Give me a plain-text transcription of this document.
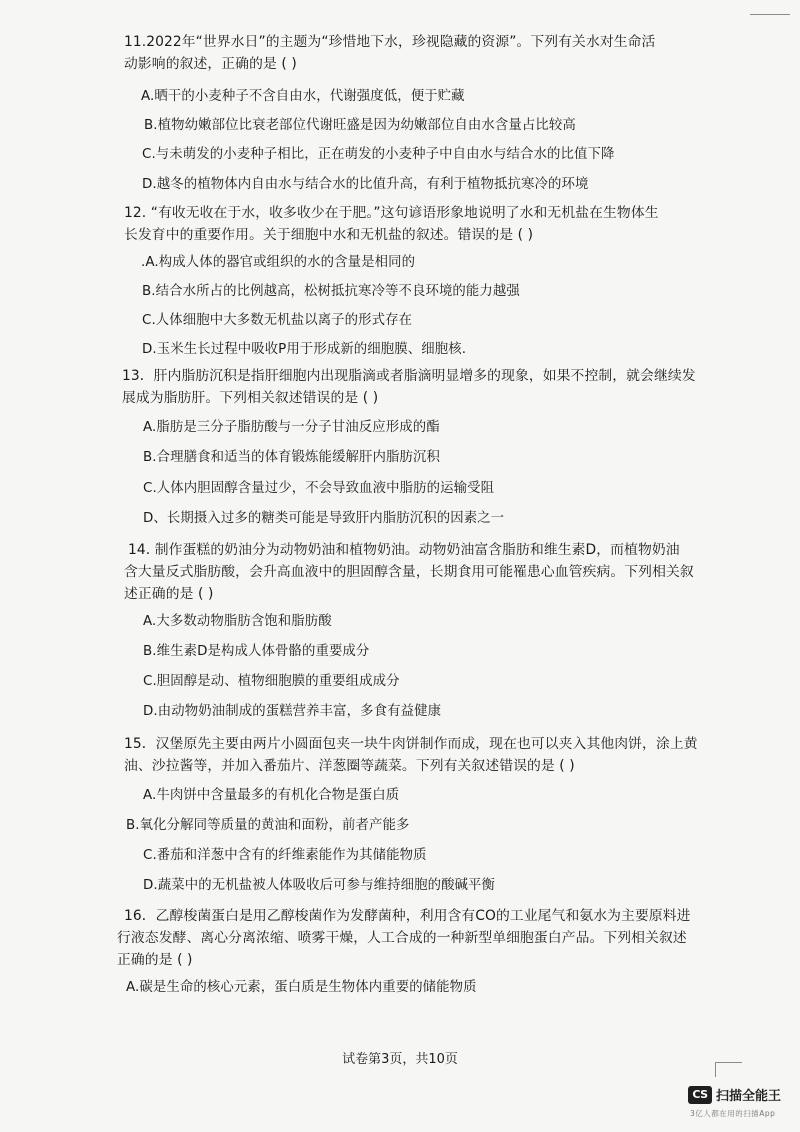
11.2022年“世界水日”的主题为“珍惜地下水，珍视隐藏的资源”。下列有关水对生命活
动影响的叙述，正确的是 ( )
A.晒干的小麦种子不含自由水，代谢强度低，便于贮藏
B.植物幼嫩部位比衰老部位代谢旺盛是因为幼嫩部位自由水含量占比较高
C.与未萌发的小麦种子相比，正在萌发的小麦种子中自由水与结合水的比值下降
D.越冬的植物体内自由水与结合水的比值升高，有利于植物抵抗寒冷的环境
12. “有收无收在于水，收多收少在于肥。”这句谚语形象地说明了水和无机盐在生物体生
长发育中的重要作用。关于细胞中水和无机盐的叙述。错误的是 ( )
.A.构成人体的器官或组织的水的含量是相同的
B.结合水所占的比例越高，松树抵抗寒冷等不良环境的能力越强
C.人体细胞中大多数无机盐以离子的形式存在
D.玉米生长过程中吸收P用于形成新的细胞膜、细胞核.
13．肝内脂肪沉积是指肝细胞内出现脂滴或者脂滴明显增多的现象，如果不控制，就会继续发
展成为脂肪肝。下列相关叙述错误的是 ( )
A.脂肪是三分子脂肪酸与一分子甘油反应形成的酯
B.合理膳食和适当的体育锻炼能缓解肝内脂肪沉积
C.人体内胆固醇含量过少，不会导致血液中脂肪的运输受阻
D、长期摄入过多的糖类可能是导致肝内脂肪沉积的因素之一
14. 制作蛋糕的奶油分为动物奶油和植物奶油。动物奶油富含脂肪和维生素D，而植物奶油
含大量反式脂肪酸，会升高血液中的胆固醇含量，长期食用可能罹患心血管疾病。下列相关叙
述正确的是 ( )
A.大多数动物脂肪含饱和脂肪酸
B.维生素D是构成人体骨骼的重要成分
C.胆固醇是动、植物细胞膜的重要组成成分
D.由动物奶油制成的蛋糕营养丰富，多食有益健康
15．汉堡原先主要由两片小圆面包夹一块牛肉饼制作而成，现在也可以夹入其他肉饼，涂上黄
油、沙拉酱等，并加入番茄片、洋葱圈等蔬菜。下列有关叙述错误的是 ( )
A.牛肉饼中含量最多的有机化合物是蛋白质
B.氧化分解同等质量的黄油和面粉，前者产能多
C.番茄和洋葱中含有的纤维素能作为其储能物质
D.蔬菜中的无机盐被人体吸收后可参与维持细胞的酸碱平衡
16．乙醇梭菌蛋白是用乙醇梭菌作为发酵菌种，利用含有CO的工业尾气和氨水为主要原料进
行液态发酵、离心分离浓缩、喷雾干燥，人工合成的一种新型单细胞蛋白产品。下列相关叙述
正确的是 ( )
A.碳是生命的核心元素，蛋白质是生物体内重要的储能物质
试卷第3页，共10页
CS 扫描全能王
3亿人都在用的扫描App
